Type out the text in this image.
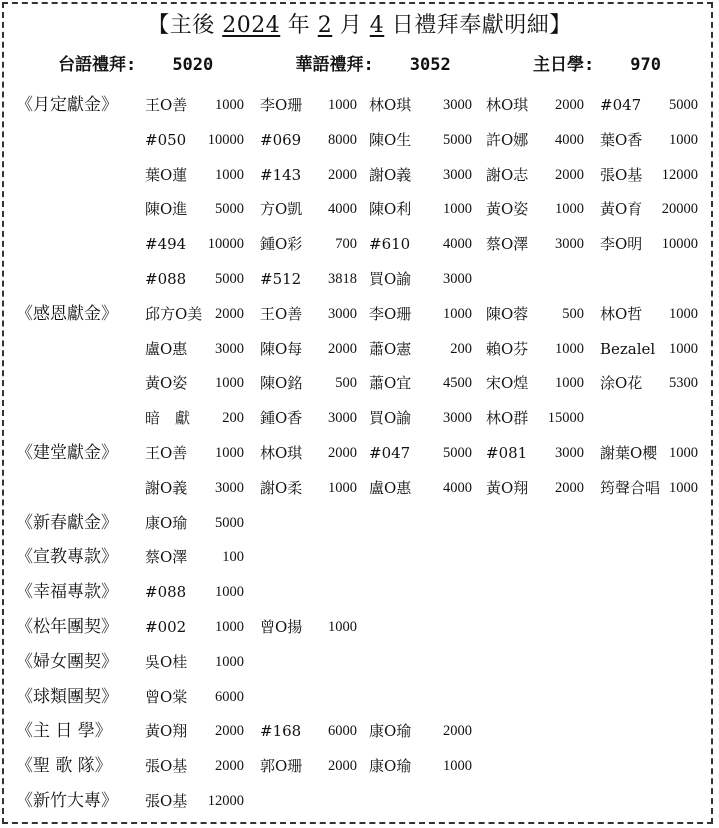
【主後 2024 年 2 月 4 日禮拜奉獻明細】
台語禮拜: 5020	華語禮拜: 3052	主日學: 970
《月定獻金》 王O善 1000 李O珊 1000 林O琪 3000 林O琪 2000 #047 5000
#050 10000 #069 8000 陳O生 5000 許O娜 4000 葉O香 1000
葉O蓮 1000 #143 2000 謝O義 3000 謝O志 2000 張O基 12000
陳O進 5000 方O凱 4000 陳O利 1000 黃O姿 1000 黃O育 20000
#494 10000 鍾O彩 700 #610 4000 蔡O澤 3000 李O明 10000
#088 5000 #512 3818 買O諭 3000
《感恩獻金》 邱方O美 2000 王O善 3000 李O珊 1000 陳O蓉 500 林O哲 1000
盧O惠 3000 陳O每 2000 蕭O憲	200 賴O芬 1000 Bezalel 1000
黃O姿 1000 陳O銘 500 蕭O宜 4500 宋O煌 1000 涂O花 5300
暗　獻 200 鍾O香 3000 買O諭 3000 林O群 15000
《建堂獻金》 王O善 1000 林O琪 2000 #047 5000 #081 3000 謝葉O櫻 1000
謝O義 3000 謝O柔 1000 盧O惠 4000 黃O翔 2000 筠聲合唱 1000
《新春獻金》 康O瑜 5000
《宣教專款》 蔡O澤 100
《幸福專款》 #088 1000
《松年團契》 #002 1000 曾O揚 1000
《婦女團契》 吳O桂 1000
《球類團契》 曾O棠 6000
《主 日 學》 黃O翔 2000 #168 6000 康O瑜 2000
《聖 歌 隊》 張O基 2000 郭O珊 2000 康O瑜 1000
《新竹大專》 張O基 12000
